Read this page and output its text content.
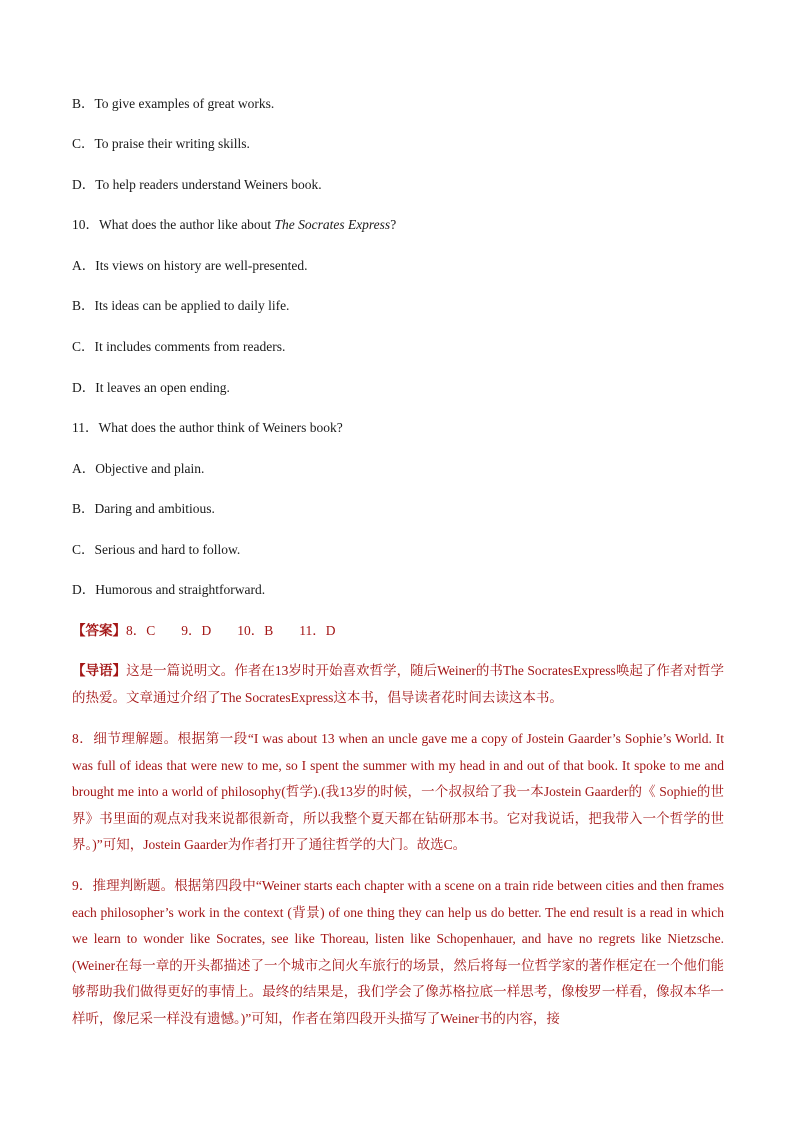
B．To give examples of great works.
C．To praise their writing skills.
D．To help readers understand Weiners book.
10．What does the author like about The Socrates Express?
A．Its views on history are well-presented.
B．Its ideas can be applied to daily life.
C．It includes comments from readers.
D．It leaves an open ending.
11．What does the author think of Weiners book?
A．Objective and plain.
B．Daring and ambitious.
C．Serious and hard to follow.
D．Humorous and straightforward.
【答案】8．C 9．D 10．B 11．D
【导语】这是一篇说明文。作者在13岁时开始喜欢哲学，随后Weiner的书The SocratesExpress唤起了作者对哲学的热爱。文章通过介绍了The SocratesExpress这本书，倡导读者花时间去读这本书。
8．细节理解题。根据第一段“I was about 13 when an uncle gave me a copy of Jostein Gaarder’s Sophie’s World. It was full of ideas that were new to me, so I spent the summer with my head in and out of that book. It spoke to me and brought me into a world of philosophy(哲学).(我13岁的时候，一个叔叔给了我一本Jostein Gaarder的《 Sophie的世界》书里面的观点对我来说都很新奇，所以我整个夏天都在钻研那本书。它对我说话，把我带入一个哲学的世界。)”可知，Jostein Gaarder为作者打开了通往哲学的大门。故选C。
9．推理判断题。根据第四段中“Weiner starts each chapter with a scene on a train ride between cities and then frames each philosopher’s work in the context (背景) of one thing they can help us do better. The end result is a read in which we learn to wonder like Socrates, see like Thoreau, listen like Schopenhauer, and have no regrets like Nietzsche. (Weiner在每一章的开头都描述了一个城市之间火车旅行的场景，然后将每一位哲学家的著作框定在一个他们能够帮助我们做得更好的事情上。最终的结果是，我们学会了像苏格拉底一样思考，像梭罗一样看，像叔本华一样听，像尼采一样没有遗憾。)”可知，作者在第四段开头描写了Weiner书的内容，接
